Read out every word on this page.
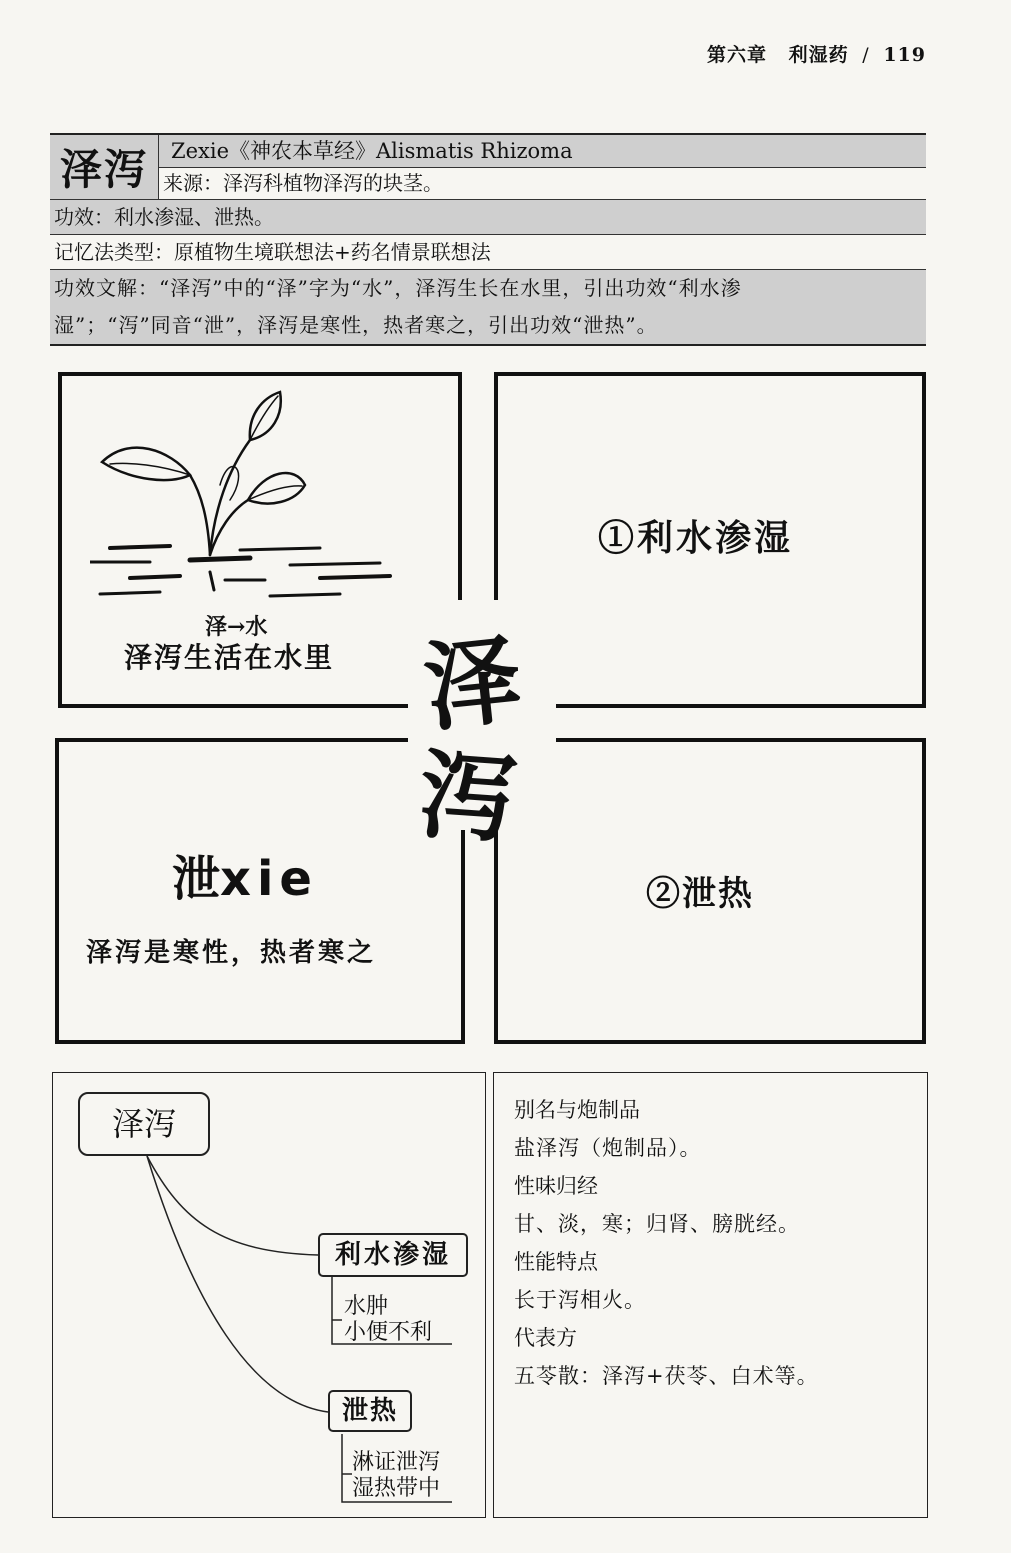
第六章 利湿药 / 119
泽泻	Zexie《神农本草经》Alismatis Rhizoma
来源：泽泻科植物泽泻的块茎。
功效：利水渗湿、泄热。
记忆法类型：原植物生境联想法+药名情景联想法
功效文解：“泽泻”中的“泽”字为“水”，泽泻生长在水里，引出功效“利水渗
湿”；“泻”同音“泄”，泽泻是寒性，热者寒之，引出功效“泄热”。
泽→水
泽泻生活在水里
①利水渗湿
泄xie
泽泻是寒性，热者寒之
②泄热
泽
泻
泽泻
利水渗湿
水肿
小便不利
泄热
淋证泄泻
湿热带中
别名与炮制品
盐泽泻（炮制品）。
性味归经
甘、淡，寒；归肾、膀胱经。
性能特点
长于泻相火。
代表方
五苓散：泽泻+茯苓、白术等。
